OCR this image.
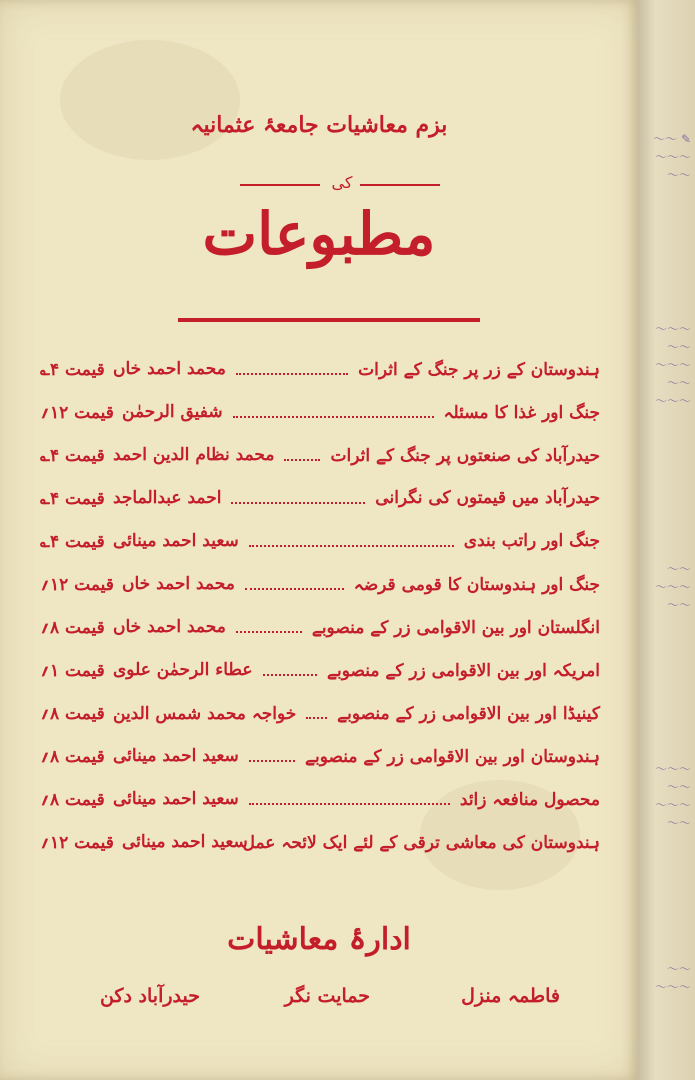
بزم معاشیات جامعۂ عثمانیہ
کی
مطبوعات
ہندوستان کے زر پر جنگ کے اثرات
محمد احمد خاں
قیمت ۴؎
جنگ اور غذا کا مسئلہ
شفیق الرحمٰن
قیمت ۱۲؍
حیدرآباد کی صنعتوں پر جنگ کے اثرات
محمد نظام الدین احمد
قیمت ۴؎
حیدرآباد میں قیمتوں کی نگرانی
احمد عبدالماجد
قیمت ۴؎
جنگ اور راتب بندی
سعید احمد مینائی
قیمت ۴؎
جنگ اور ہندوستان کا قومی قرضہ
محمد احمد خاں
قیمت ۱۲؍
انگلستان اور بین الاقوامی زر کے منصوبے
محمد احمد خاں
قیمت ۸؍
امریکہ اور بین الاقوامی زر کے منصوبے
عطاء الرحمٰن علوی
قیمت ۱؍
کینیڈا اور بین الاقوامی زر کے منصوبے
خواجہ محمد شمس الدین
قیمت ۸؍
ہندوستان اور بین الاقوامی زر کے منصوبے
سعید احمد مینائی
قیمت ۸؍
محصول منافعہ زائد
سعید احمد مینائی
قیمت ۸؍
ہندوستان کی معاشی ترقی کے لئے ایک لائحہ عمل
سعید احمد مینائی
قیمت ۱۲؍
ادارۂ معاشیات
فاطمہ منزل
حمایت نگر
حیدرآباد دکن
✎ ～～
～～～
～～
～～～
～～
～～～
～～
～～～
～～
～～～
～～
～～～
～～
～～～
～～
～～
～～～
